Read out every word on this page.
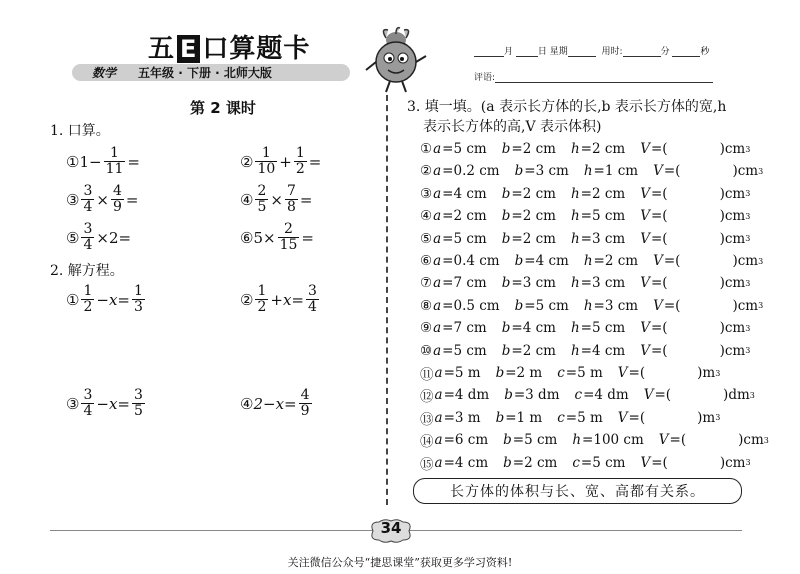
五 E 口算题卡
数学 五年级 · 下册 · 北师大版
月	日 星期	用时:	分	秒
评语:
第 2 课时
1. 口算。
① $1- \frac{1}{11}$ =	② $\frac{1}{10} + \frac{1}{2}$ =
③ $\frac{3}{4} \times \frac{4}{9}$ =	④ $\frac{2}{5} \times \frac{7}{8}$ =
⑤ $\frac{3}{4} \times 2=$	⑥ $5\times \frac{2}{15}$ =
2. 解方程。
① $\frac{1}{2} -x= \frac{1}{3}$	② $\frac{1}{2} +x= \frac{3}{4}$
③ $\frac{3}{4} -x= \frac{3}{5}$	④ $2-x= \frac{4}{9}$
3. 填一填。(a 表示长方体的长,b 表示长方体的宽,h
表示长方体的高,V 表示体积)
① a = 5 cm b = 2 cm h = 2 cm V =(	) cm 3
② a = 0.2 cm b = 3 cm h = 1 cm V =(	) cm 3
③ a = 4 cm b = 2 cm h = 2 cm V =(	) cm 3
④ a = 2 cm b = 2 cm h = 5 cm V =(	) cm 3
⑤ a = 5 cm b = 2 cm h = 3 cm V =(	) cm 3
⑥ a = 0.4 cm b = 4 cm h = 2 cm V =(	) cm 3
⑦ a = 7 cm b = 3 cm h = 3 cm V =(	) cm 3
⑧ a = 0.5 cm b = 5 cm h = 3 cm V =(	) cm 3
⑨ a = 7 cm b = 4 cm h = 5 cm V =(	) cm 3
⑩ a = 5 cm b = 2 cm h = 4 cm V =(	) cm 3
⑪ a = 5 m b = 2 m c = 5 m V =(	) m 3
⑫ a = 4 dm b = 3 dm c = 4 dm V =(	) dm 3
⑬ a = 3 m b = 1 m c = 5 m V =(	) m 3
⑭ a = 6 cm b = 5 cm h = 100 cm V =(	) cm 3
⑮ a = 4 cm b = 2 cm c = 5 cm V =(	) cm 3
长方体的体积与长、宽、高都有关系。
34
关注微信公众号“捷思课堂”获取更多学习资料!
